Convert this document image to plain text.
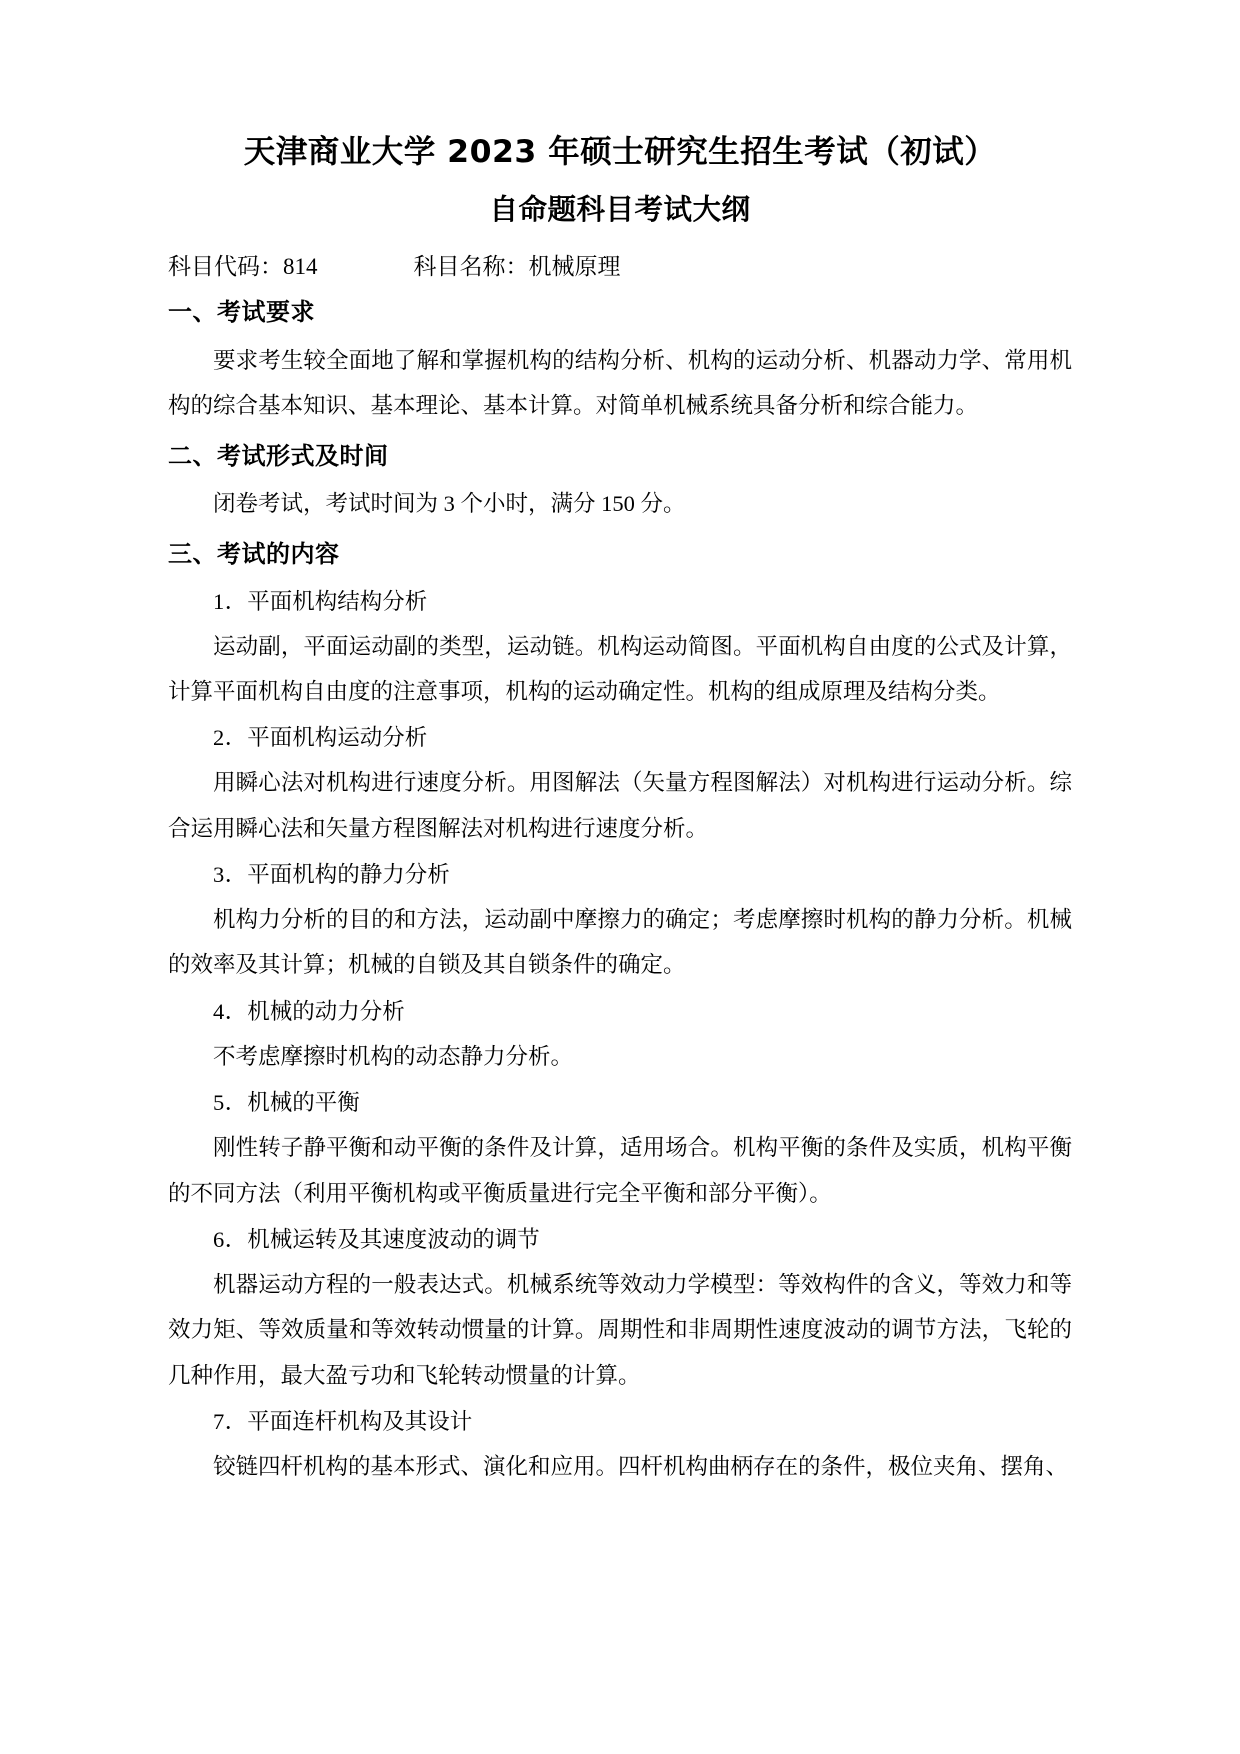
天津商业大学 2023 年硕士研究生招生考试（初试）
自命题科目考试大纲
科目代码：814	科目名称：机械原理
一、考试要求

要求考生较全面地了解和掌握机构的结构分析、机构的运动分析、机器动力学、常用机构的综合基本知识、基本理论、基本计算。对简单机械系统具备分析和综合能力。

二、考试形式及时间

闭卷考试，考试时间为 3 个小时，满分 150 分。

三、考试的内容
1．平面机构结构分析

运动副，平面运动副的类型，运动链。机构运动简图。平面机构自由度的公式及计算，计算平面机构自由度的注意事项，机构的运动确定性。机构的组成原理及结构分类。

2．平面机构运动分析

用瞬心法对机构进行速度分析。用图解法（矢量方程图解法）对机构进行运动分析。综合运用瞬心法和矢量方程图解法对机构进行速度分析。

3．平面机构的静力分析

机构力分析的目的和方法，运动副中摩擦力的确定；考虑摩擦时机构的静力分析。机械的效率及其计算；机械的自锁及其自锁条件的确定。

4．机械的动力分析

不考虑摩擦时机构的动态静力分析。

5．机械的平衡

刚性转子静平衡和动平衡的条件及计算，适用场合。机构平衡的条件及实质，机构平衡的不同方法（利用平衡机构或平衡质量进行完全平衡和部分平衡）。

6．机械运转及其速度波动的调节

机器运动方程的一般表达式。机械系统等效动力学模型：等效构件的含义，等效力和等效力矩、等效质量和等效转动惯量的计算。周期性和非周期性速度波动的调节方法，飞轮的几种作用，最大盈亏功和飞轮转动惯量的计算。

7．平面连杆机构及其设计

铰链四杆机构的基本形式、演化和应用。四杆机构曲柄存在的条件，极位夹角、摆角、
